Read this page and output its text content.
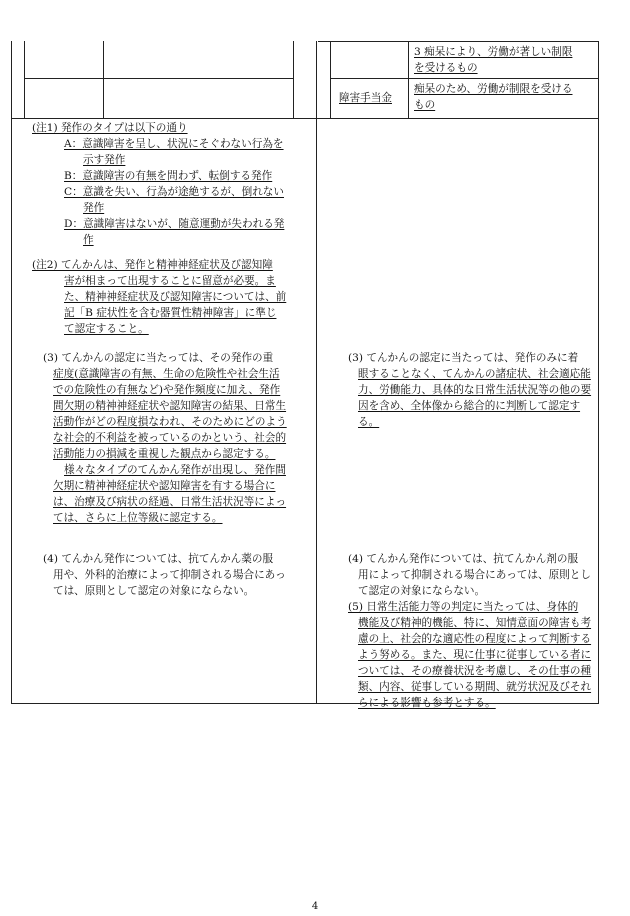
3 痴呆により、労働が著しい制限
を受けるもの
障害手当金
痴呆のため、労働が制限を受ける
もの
(注1) 発作のタイプは以下の通り
A：意識障害を呈し、状況にそぐわない行為を
示す発作
B：意識障害の有無を問わず、転倒する発作
C：意識を失い、行為が途絶するが、倒れない
発作
D：意識障害はないが、随意運動が失われる発
作
(注2) てんかんは、発作と精神神経症状及び認知障
害が相まって出現することに留意が必要。ま
た、精神神経症状及び認知障害については、前
記「B 症状性を含む器質性精神障害」に準じ
て認定すること。
(3) てんかんの認定に当たっては、その発作の重
症度(意識障害の有無、生命の危険性や社会生活
での危険性の有無など)や発作頻度に加え、発作
間欠期の精神神経症状や認知障害の結果、日常生
活動作がどの程度損なわれ、そのためにどのよう
な社会的不利益を被っているのかという、社会的
活動能力の損減を重視した観点から認定する。
様々なタイプのてんかん発作が出現し、発作間
欠期に精神神経症状や認知障害を有する場合に
は、治療及び病状の経過、日常生活状況等によっ
ては、さらに上位等級に認定する。
(4) てんかん発作については、抗てんかん薬の服
用や、外科的治療によって抑制される場合にあっ
ては、原則として認定の対象にならない。
(3) てんかんの認定に当たっては、発作のみに着
眼することなく、てんかんの諸症状、社会適応能
力、労働能力、具体的な日常生活状況等の他の要
因を含め、全体像から総合的に判断して認定す
る。
(4) てんかん発作については、抗てんかん剤の服
用によって抑制される場合にあっては、原則とし
て認定の対象にならない。
(5) 日常生活能力等の判定に当たっては、身体的
機能及び精神的機能、特に、知情意面の障害も考
慮の上、社会的な適応性の程度によって判断する
よう努める。また、現に仕事に従事している者に
ついては、その療養状況を考慮し、その仕事の種
類、内容、従事している期間、就労状況及びそれ
らによる影響も参考とする。
4
